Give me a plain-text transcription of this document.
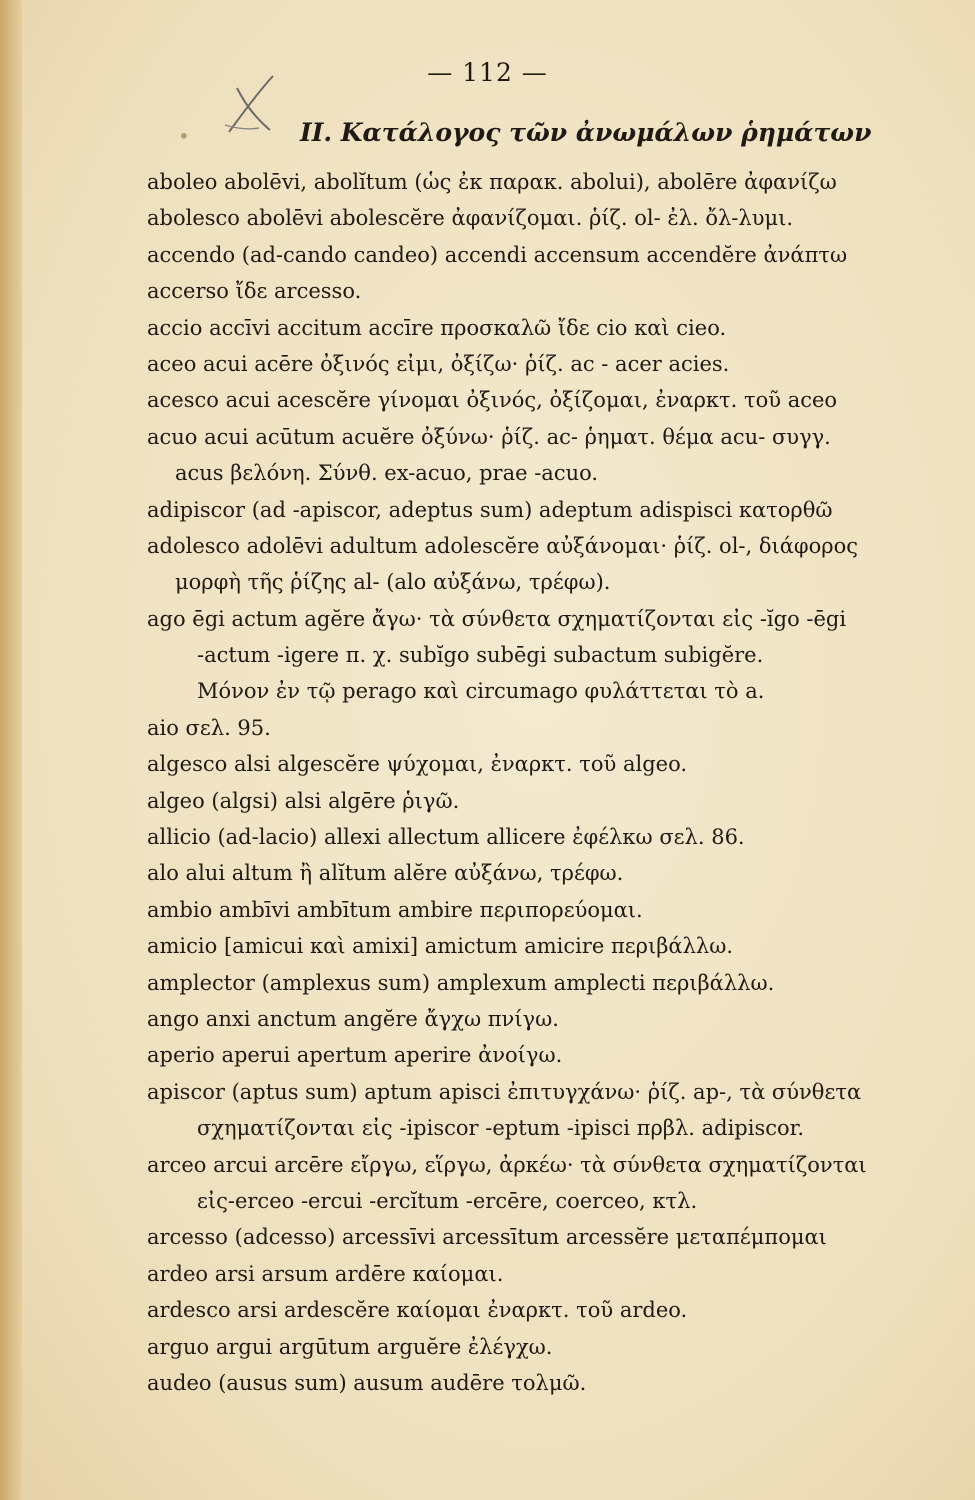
— 112 —
•	ΙΙ. Κατάλογος τῶν ἀνωμάλων ῥημάτων
aboleo abolēvi, abolĭtum (ὡς ἐκ παρακ. abolui), abolēre ἀφανίζω
abolesco abolēvi abolescĕre ἀφανίζομαι. ῥίζ. ol- ἐλ. ὄλ-λυμι.
accendo (ad-cando candeo) accendi accensum accendĕre ἀνάπτω
accerso ἴδε arcesso.
accio accīvi accitum accīre προσκαλῶ ἴδε cio καὶ cieo.
aceo acui acēre ὀξινός εἰμι, ὀξίζω· ῥίζ. ac - acer acies.
acesco acui acescĕre γίνομαι ὀξινός, ὀξίζομαι, ἐναρκτ. τοῦ aceo
acuo acui acūtum acuĕre ὀξύνω· ῥίζ. ac- ῥηματ. θέμα acu- συγγ.
acus βελόνη. Σύνθ. ex-acuo, prae -acuo.
adipiscor (ad -apiscor, adeptus sum) adeptum adispisci κατορθῶ
adolesco adolēvi adultum adolescĕre αὐξάνομαι· ῥίζ. ol-, διάφορος
μορφὴ τῆς ῥίζης al- (alo αὐξάνω, τρέφω).
ago ēgi actum agĕre ἄγω· τὰ σύνθετα σχηματίζονται εἰς -ĭgo -ēgi
-actum -igere π. χ. subĭgo subēgi subactum subigĕre.
Μόνον ἐν τῷ perago καὶ circumago φυλάττεται τὸ a.
aio σελ. 95.
algesco alsi algescĕre ψύχομαι, ἐναρκτ. τοῦ algeo.
algeo (algsi) alsi algēre ῥιγῶ.
allicio (ad-lacio) allexi allectum allicere ἐφέλκω σελ. 86.
alo alui altum ἢ alĭtum alĕre αὐξάνω, τρέφω.
ambio ambīvi ambītum ambire περιπορεύομαι.
amicio [amicui καὶ amixi] amictum amicire περιβάλλω.
amplector (amplexus sum) amplexum amplecti περιβάλλω.
ango anxi anctum angĕre ἄγχω πνίγω.
aperio aperui apertum aperire ἀνοίγω.
apiscor (aptus sum) aptum apisci ἐπιτυγχάνω· ῥίζ. ap-, τὰ σύνθετα
σχηματίζονται εἰς -ipiscor -eptum -ipisci πρβλ. adipiscor.
arceo arcui arcēre εἴργω, εἵργω, ἀρκέω· τὰ σύνθετα σχηματίζονται
εἰς-erceo -ercui -ercĭtum -ercēre, coerceo, κτλ.
arcesso (adcesso) arcessīvi arcessītum arcessĕre μεταπέμπομαι
ardeo arsi arsum ardēre καίομαι.
ardesco arsi ardescĕre καίομαι ἐναρκτ. τοῦ ardeo.
arguo argui argūtum arguĕre ἐλέγχω.
audeo (ausus sum) ausum audēre τολμῶ.
